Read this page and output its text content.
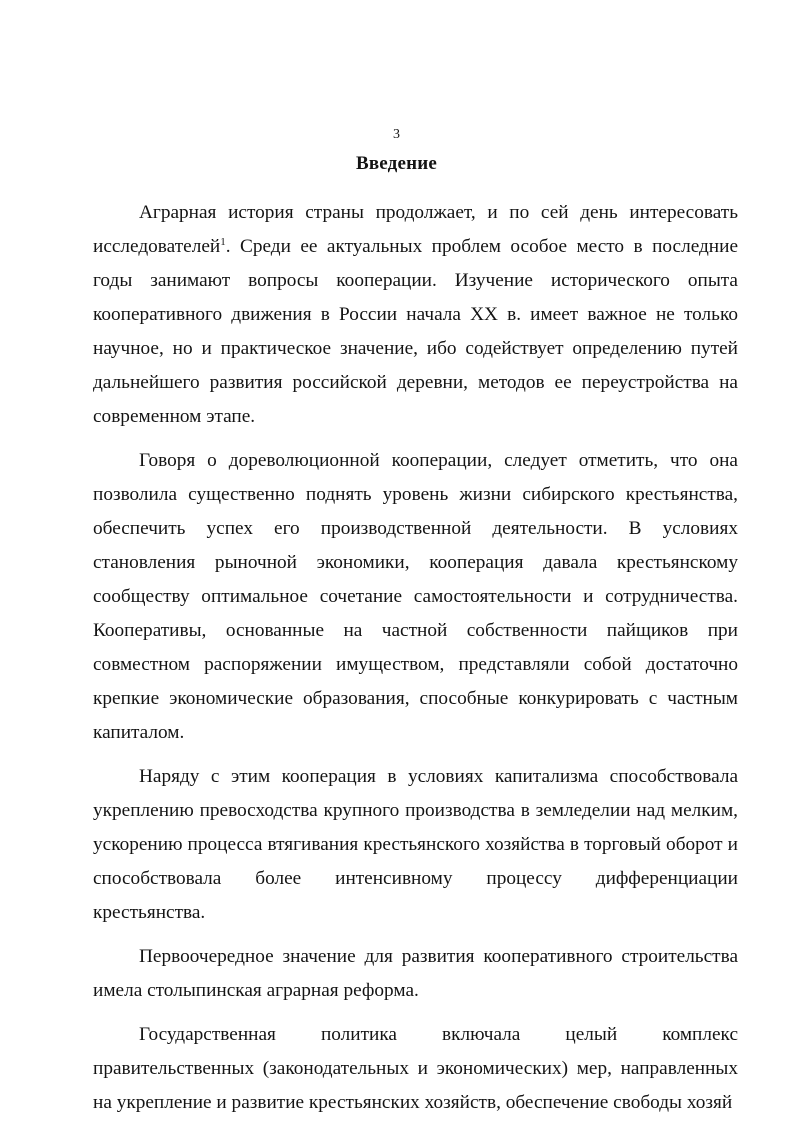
3
Введение

Аграрная история страны продолжает, и по сей день интересовать исследователей$^1$. Среди ее актуальных проблем особое место в последние годы занимают вопросы кооперации. Изучение исторического опыта кооперативного движения в России начала XX в. имеет важное не только научное, но и практическое значение, ибо содействует определению путей дальнейшего развития российской деревни, методов ее переустройства на современном этапе.

Говоря о дореволюционной кооперации, следует отметить, что она позволила существенно поднять уровень жизни сибирского крестьянства, обеспечить успех его производственной деятельности. В условиях становления рыночной экономики, кооперация давала крестьянскому сообществу оптимальное сочетание самостоятельности и сотрудничества. Кооперативы, основанные на частной собственности пайщиков при совместном распоряжении имуществом, представляли собой достаточно крепкие экономические образования, способные конкурировать с частным капиталом.

Наряду с этим кооперация в условиях капитализма способствовала укреплению превосходства крупного производства в земледелии над мелким, ускорению процесса втягивания крестьянского хозяйства в торговый оборот и способствовала более интенсивному процессу дифференциации крестьянства.

Первоочередное значение для развития кооперативного строительства имела столыпинская аграрная реформа.

Государственная политика включала целый комплекс правительственных (законодательных и экономических) мер, направленных на укрепление и развитие крестьянских хозяйств, обеспечение свободы хозяй
